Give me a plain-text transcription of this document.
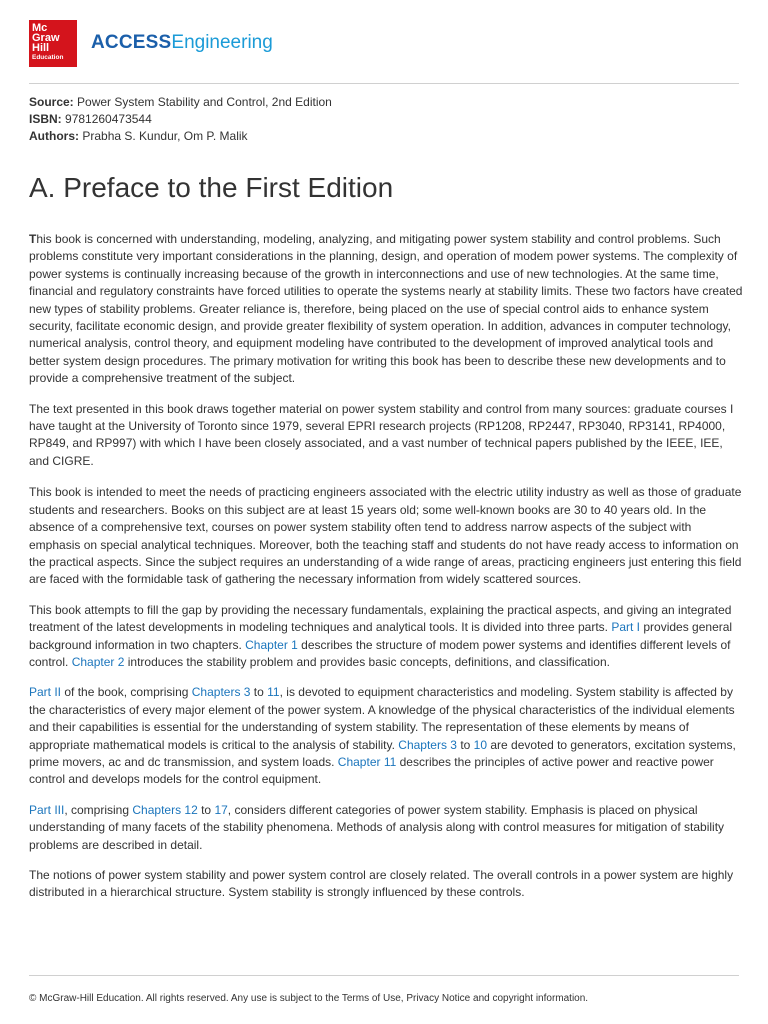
Mc
Graw
Hill
Education
ACCESSEngineering
Source: Power System Stability and Control, 2nd Edition
ISBN: 9781260473544
Authors: Prabha S. Kundur, Om P. Malik
A. Preface to the First Edition

This book is concerned with understanding, modeling, analyzing, and mitigating power system stability and control problems. Such problems constitute very important considerations in the planning, design, and operation of modem power systems. The complexity of power systems is continually increasing because of the growth in interconnections and use of new technologies. At the same time, financial and regulatory constraints have forced utilities to operate the systems nearly at stability limits. These two factors have created new types of stability problems. Greater reliance is, therefore, being placed on the use of special control aids to enhance system security, facilitate economic design, and provide greater flexibility of system operation. In addition, advances in computer technology, numerical analysis, control theory, and equipment modeling have contributed to the development of improved analytical tools and better system design procedures. The primary motivation for writing this book has been to describe these new developments and to provide a comprehensive treatment of the subject.

The text presented in this book draws together material on power system stability and control from many sources: graduate courses I have taught at the University of Toronto since 1979, several EPRI research projects (RP1208, RP2447, RP3040, RP3141, RP4000, RP849, and RP997) with which I have been closely associated, and a vast number of technical papers published by the IEEE, IEE, and CIGRE.

This book is intended to meet the needs of practicing engineers associated with the electric utility industry as well as those of graduate students and researchers. Books on this subject are at least 15 years old; some well-known books are 30 to 40 years old. In the absence of a comprehensive text, courses on power system stability often tend to address narrow aspects of the subject with emphasis on special analytical techniques. Moreover, both the teaching staff and students do not have ready access to information on the practical aspects. Since the subject requires an understanding of a wide range of areas, practicing engineers just entering this field are faced with the formidable task of gathering the necessary information from widely scattered sources.

This book attempts to fill the gap by providing the necessary fundamentals, explaining the practical aspects, and giving an integrated treatment of the latest developments in modeling techniques and analytical tools. It is divided into three parts. Part I provides general background information in two chapters. Chapter 1 describes the structure of modem power systems and identifies different levels of control. Chapter 2 introduces the stability problem and provides basic concepts, definitions, and classification.

Part II of the book, comprising Chapters 3 to 11, is devoted to equipment characteristics and modeling. System stability is affected by the characteristics of every major element of the power system. A knowledge of the physical characteristics of the individual elements and their capabilities is essential for the understanding of system stability. The representation of these elements by means of appropriate mathematical models is critical to the analysis of stability. Chapters 3 to 10 are devoted to generators, excitation systems, prime movers, ac and dc transmission, and system loads. Chapter 11 describes the principles of active power and reactive power control and develops models for the control equipment.

Part III, comprising Chapters 12 to 17, considers different categories of power system stability. Emphasis is placed on physical understanding of many facets of the stability phenomena. Methods of analysis along with control measures for mitigation of stability problems are described in detail.

The notions of power system stability and power system control are closely related. The overall controls in a power system are highly distributed in a hierarchical structure. System stability is strongly influenced by these controls.

© McGraw-Hill Education. All rights reserved. Any use is subject to the Terms of Use, Privacy Notice and copyright information.
